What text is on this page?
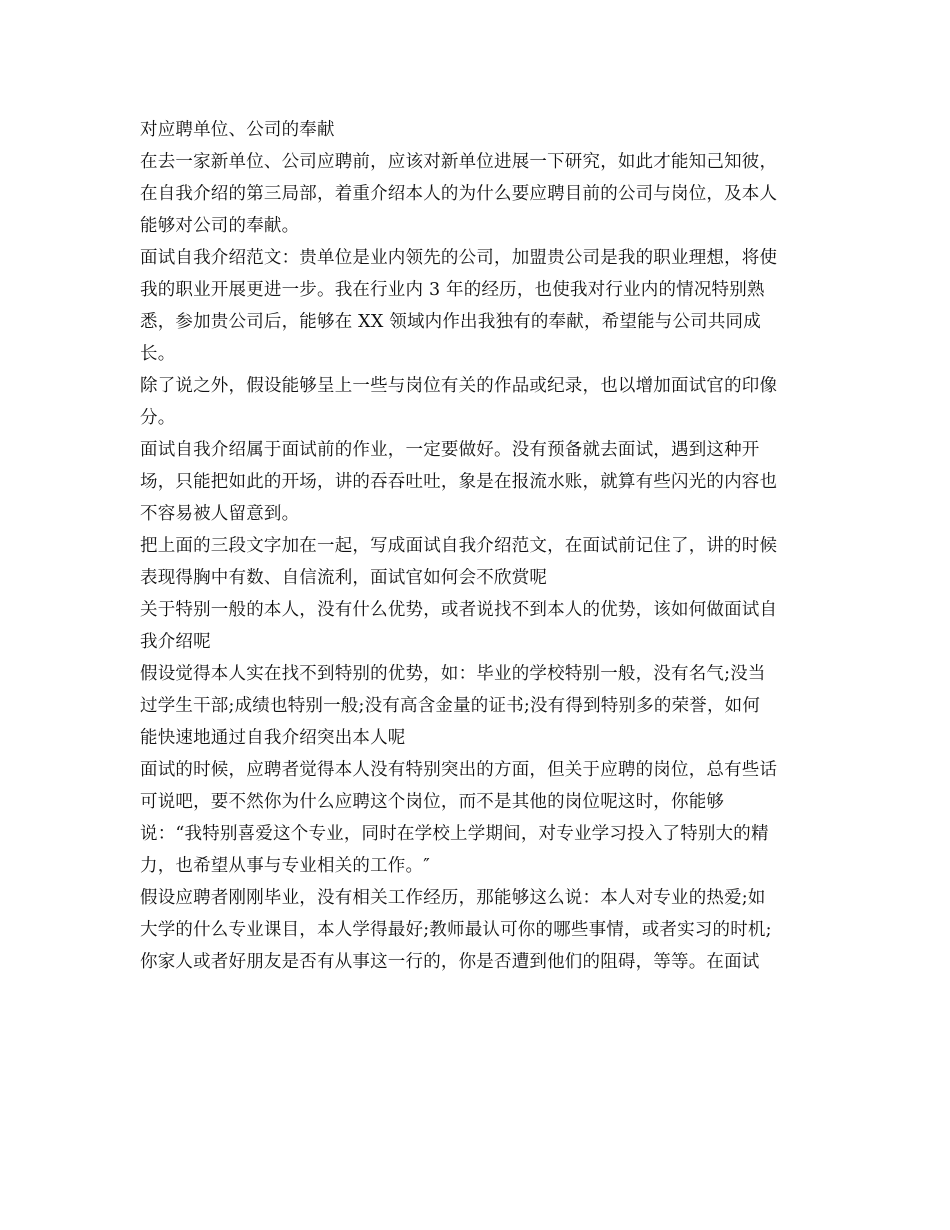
对应聘单位、公司的奉献
在去一家新单位、公司应聘前，应该对新单位进展一下研究，如此才能知己知彼，
在自我介绍的第三局部，着重介绍本人的为什么要应聘目前的公司与岗位，及本人
能够对公司的奉献。
面试自我介绍范文：贵单位是业内领先的公司，加盟贵公司是我的职业理想，将使
我的职业开展更进一步。我在行业内 3 年的经历，也使我对行业内的情况特别熟
悉，参加贵公司后，能够在 XX 领域内作出我独有的奉献，希望能与公司共同成
长。
除了说之外，假设能够呈上一些与岗位有关的作品或纪录，也以增加面试官的印像
分。
面试自我介绍属于面试前的作业，一定要做好。没有预备就去面试，遇到这种开
场，只能把如此的开场，讲的吞吞吐吐，象是在报流水账，就算有些闪光的内容也
不容易被人留意到。
把上面的三段文字加在一起，写成面试自我介绍范文，在面试前记住了，讲的时候
表现得胸中有数、自信流利，面试官如何会不欣赏呢
关于特别一般的本人，没有什么优势，或者说找不到本人的优势，该如何做面试自
我介绍呢
假设觉得本人实在找不到特别的优势，如：毕业的学校特别一般，没有名气;没当
过学生干部;成绩也特别一般;没有高含金量的证书;没有得到特别多的荣誉，如何
能快速地通过自我介绍突出本人呢
面试的时候，应聘者觉得本人没有特别突出的方面，但关于应聘的岗位，总有些话
可说吧，要不然你为什么应聘这个岗位，而不是其他的岗位呢这时，你能够
说：“我特别喜爱这个专业，同时在学校上学期间，对专业学习投入了特别大的精
力，也希望从事与专业相关的工作。″
假设应聘者刚刚毕业，没有相关工作经历，那能够这么说：本人对专业的热爱;如
大学的什么专业课目，本人学得最好;教师最认可你的哪些事情，或者实习的时机;
你家人或者好朋友是否有从事这一行的，你是否遭到他们的阻碍，等等。在面试
